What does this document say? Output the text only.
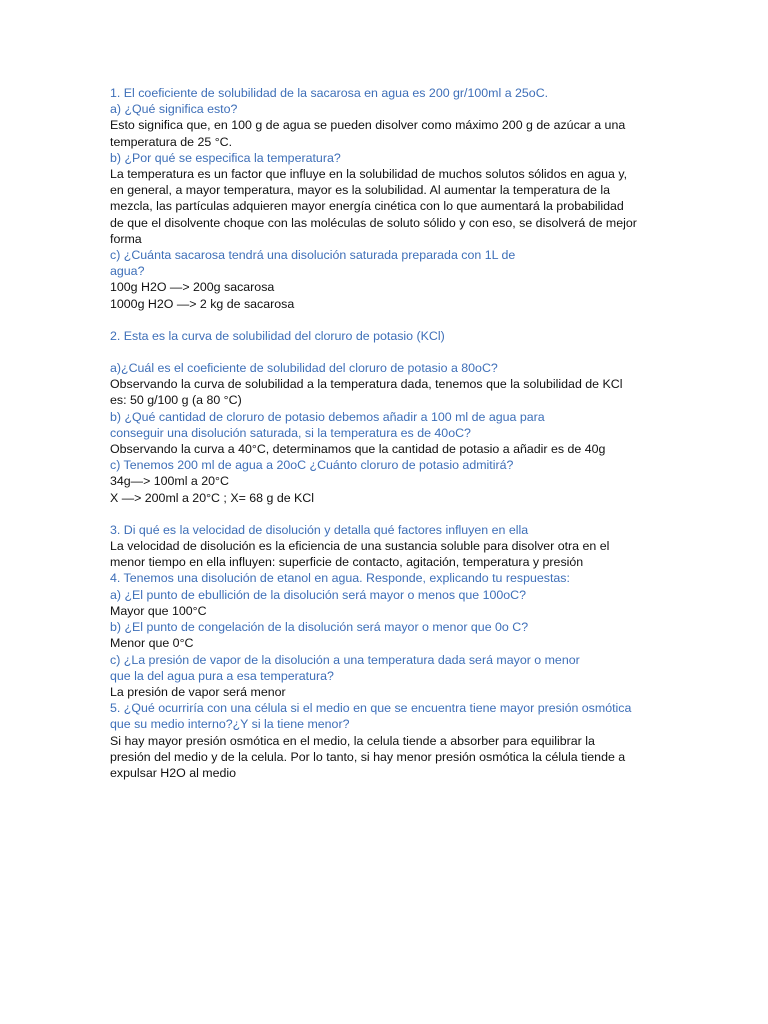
1. El coeficiente de solubilidad de la sacarosa en agua es 200 gr/100ml a 25oC.
a) ¿Qué significa esto?
Esto significa que, en 100 g de agua se pueden disolver como máximo 200 g de azúcar a una
temperatura de 25 °C.
b) ¿Por qué se especifica la temperatura?
La temperatura es un factor que influye en la solubilidad de muchos solutos sólidos en agua y,
en general, a mayor temperatura, mayor es la solubilidad. Al aumentar la temperatura de la
mezcla, las partículas adquieren mayor energía cinética con lo que aumentará la probabilidad
de que el disolvente choque con las moléculas de soluto sólido y con eso, se disolverá de mejor
forma
c) ¿Cuánta sacarosa tendrá una disolución saturada preparada con 1L de
agua?
100g H2O —> 200g sacarosa
1000g H2O —> 2 kg de sacarosa
2. Esta es la curva de solubilidad del cloruro de potasio (KCl)
a)¿Cuál es el coeficiente de solubilidad del cloruro de potasio a 80oC?
Observando la curva de solubilidad a la temperatura dada, tenemos que la solubilidad de KCl
es: 50 g/100 g (a 80 °C)
b) ¿Qué cantidad de cloruro de potasio debemos añadir a 100 ml de agua para
conseguir una disolución saturada, si la temperatura es de 40oC?
Observando la curva a 40°C, determinamos que la cantidad de potasio a añadir es de 40g
c) Tenemos 200 ml de agua a 20oC ¿Cuánto cloruro de potasio admitirá?
34g—> 100ml a 20°C
X —> 200ml a 20°C ; X= 68 g de KCl
3. Di qué es la velocidad de disolución y detalla qué factores influyen en ella
La velocidad de disolución es la eficiencia de una sustancia soluble para disolver otra en el
menor tiempo en ella influyen: superficie de contacto, agitación, temperatura y presión
4. Tenemos una disolución de etanol en agua. Responde, explicando tu respuestas:
a) ¿El punto de ebullición de la disolución será mayor o menos que 100oC?
Mayor que 100°C
b) ¿El punto de congelación de la disolución será mayor o menor que 0o C?
Menor que 0°C
c) ¿La presión de vapor de la disolución a una temperatura dada será mayor o menor
que la del agua pura a esa temperatura?
La presión de vapor será menor
5. ¿Qué ocurriría con una célula si el medio en que se encuentra tiene mayor presión osmótica
que su medio interno?¿Y si la tiene menor?
Si hay mayor presión osmótica en el medio, la celula tiende a absorber para equilibrar la
presión del medio y de la celula. Por lo tanto, si hay menor presión osmótica la célula tiende a
expulsar H2O al medio
